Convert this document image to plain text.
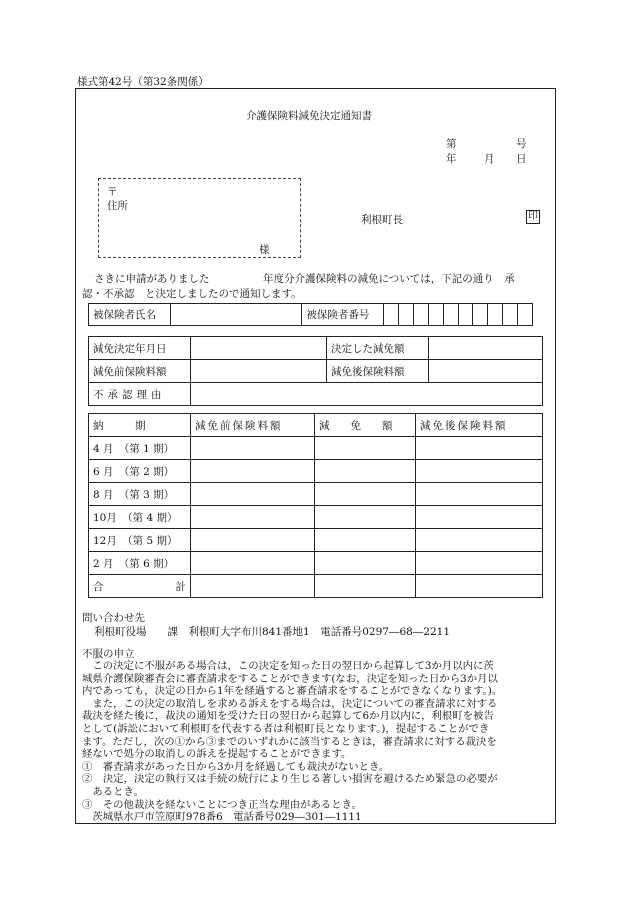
様式第42号（第32条関係）
介護保険料減免決定通知書
第	号
年	月 日
〒
住所
様
利根町長	印
さきに申請がありました	年度分介護保険料の減免については，下記の通り　承
認・不承認　と決定しましたので通知します。
被保険者氏名		被保険者番号										
減免決定年月日		決定した減免額	
減免前保険料額		減免後保険料額	
不承認理由			
納　　　期	減免前保険料額	減　　免　　額	減免後保険料額
4 月　 （第 1 期）			
6 月　 （第 2 期）			
8 月　 （第 3 期）			
10月　 （第 4 期）			
12月　 （第 5 期）			
2 月　 （第 6 期）			
合 計			

問い合わせ先
利根町役場　　課　利根町大字布川841番地1　電話番号0297―68―2211
不服の申立

　この決定に不服がある場合は，この決定を知った日の翌日から起算して3か月以内に茨

城県介護保険審査会に審査請求をすることができます(なお，決定を知った日から3か月以

内であっても，決定の日から1年を経過すると審査請求をすることができなくなります。)。

　また，この決定の取消しを求める訴えをする場合は，決定についての審査請求に対する

裁決を経た後に，裁決の通知を受けた日の翌日から起算して6か月以内に，利根町を被告

として(訴訟において利根町を代表する者は利根町長となります。)，提起することができ

ます。ただし，次の①から③までのいずれかに該当するときは，審査請求に対する裁決を

経ないで処分の取消しの訴えを提起することができます。

①　審査請求があった日から3か月を経過しても裁決がないとき。

②　決定，決定の執行又は手続の続行により生じる著しい損害を避けるため緊急の必要が

　あるとき。

③　その他裁決を経ないことにつき正当な理由があるとき。

　茨城県水戸市笠原町978番6　電話番号029―301―1111
